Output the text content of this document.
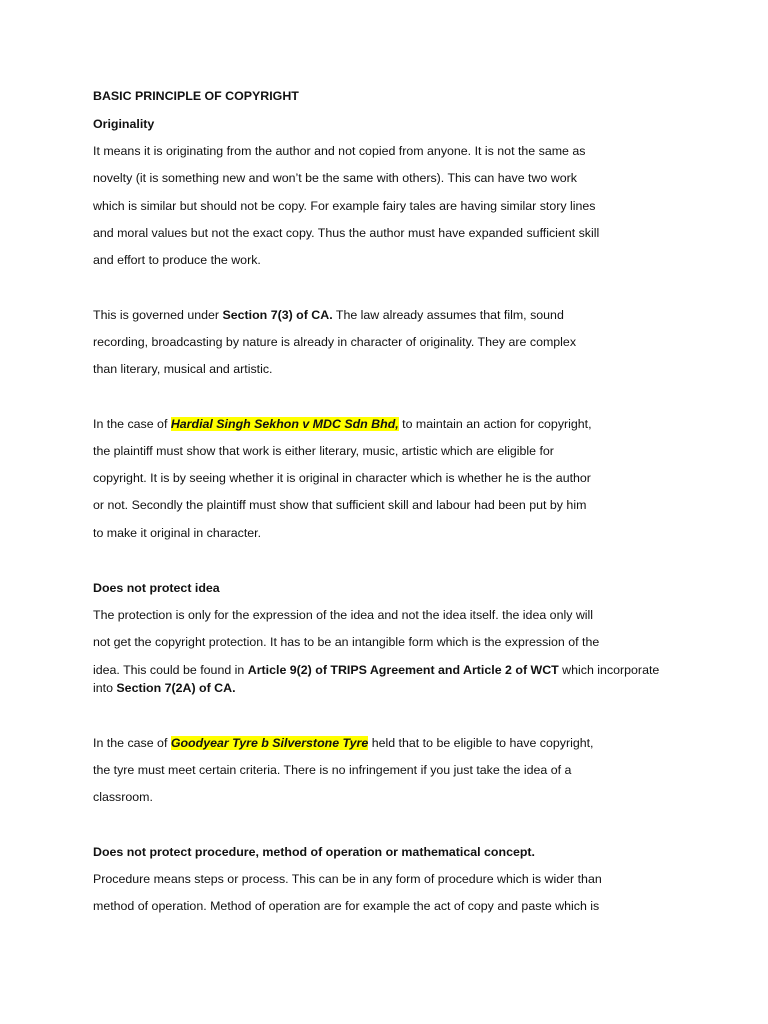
BASIC PRINCIPLE OF COPYRIGHT

Originality

It means it is originating from the author and not copied from anyone. It is not the same as

novelty (it is something new and won’t be the same with others). This can have two work

which is similar but should not be copy. For example fairy tales are having similar story lines

and moral values but not the exact copy. Thus the author must have expanded sufficient skill

and effort to produce the work.

This is governed under Section 7(3) of CA. The law already assumes that film, sound

recording, broadcasting by nature is already in character of originality. They are complex

than literary, musical and artistic.

In the case of Hardial Singh Sekhon v MDC Sdn Bhd, to maintain an action for copyright,

the plaintiff must show that work is either literary, music, artistic which are eligible for

copyright. It is by seeing whether it is original in character which is whether he is the author

or not. Secondly the plaintiff must show that sufficient skill and labour had been put by him

to make it original in character.

Does not protect idea

The protection is only for the expression of the idea and not the idea itself. the idea only will

not get the copyright protection. It has to be an intangible form which is the expression of the

idea. This could be found in Article 9(2) of TRIPS Agreement and Article 2 of WCT which incorporate

into Section 7(2A) of CA.

In the case of Goodyear Tyre b Silverstone Tyre held that to be eligible to have copyright,

the tyre must meet certain criteria. There is no infringement if you just take the idea of a

classroom.

Does not protect procedure, method of operation or mathematical concept.

Procedure means steps or process. This can be in any form of procedure which is wider than

method of operation. Method of operation are for example the act of copy and paste which is
